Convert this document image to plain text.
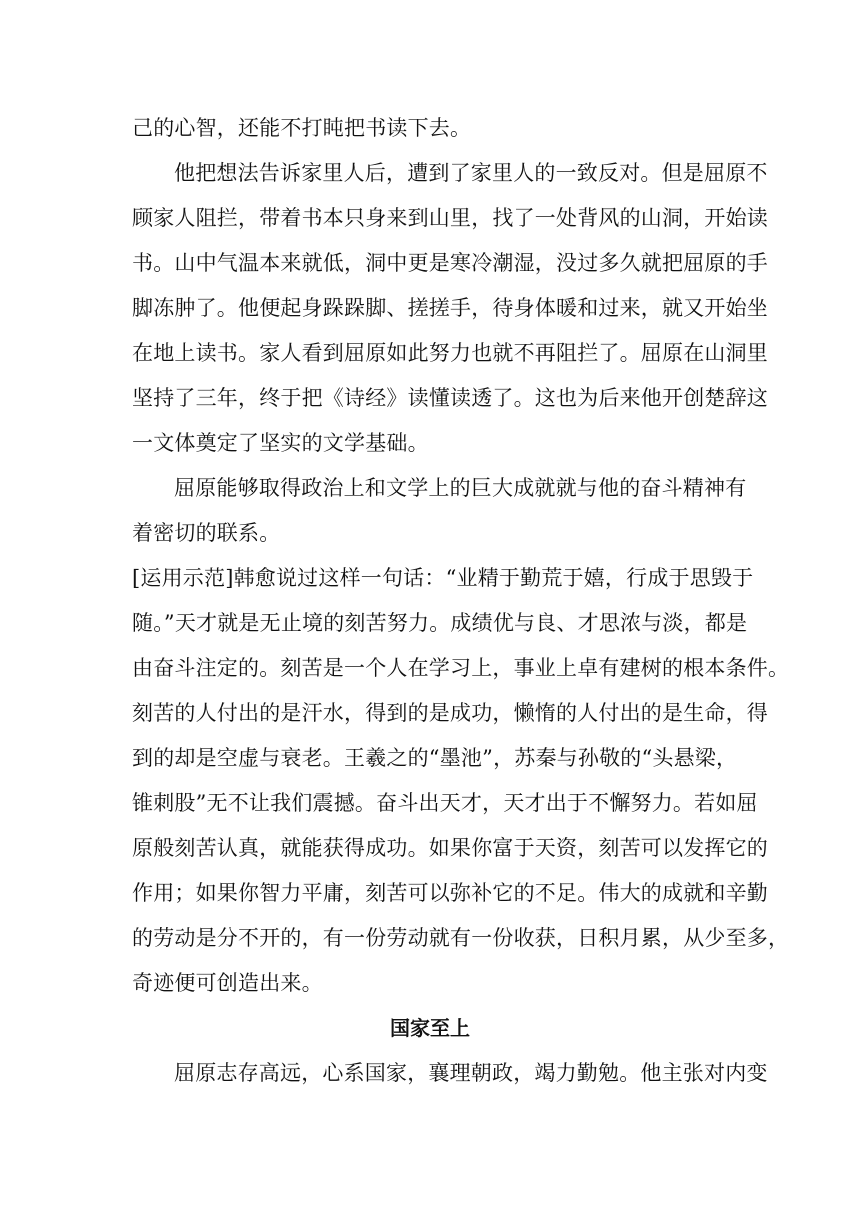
己的心智，还能不打盹把书读下去。
他把想法告诉家里人后，遭到了家里人的一致反对。但是屈原不
顾家人阻拦，带着书本只身来到山里，找了一处背风的山洞，开始读
书。山中气温本来就低，洞中更是寒冷潮湿，没过多久就把屈原的手
脚冻肿了。他便起身跺跺脚、搓搓手，待身体暖和过来，就又开始坐
在地上读书。家人看到屈原如此努力也就不再阻拦了。屈原在山洞里
坚持了三年，终于把《诗经》读懂读透了。这也为后来他开创楚辞这
一文体奠定了坚实的文学基础。
屈原能够取得政治上和文学上的巨大成就就与他的奋斗精神有
着密切的联系。
[运用示范]韩愈说过这样一句话：“业精于勤荒于嬉，行成于思毁于
随。”天才就是无止境的刻苦努力。成绩优与良、才思浓与淡，都是
由奋斗注定的。刻苦是一个人在学习上，事业上卓有建树的根本条件。
刻苦的人付出的是汗水，得到的是成功，懒惰的人付出的是生命，得
到的却是空虚与衰老。王羲之的“墨池”，苏秦与孙敬的“头悬梁，
锥刺股”无不让我们震撼。奋斗出天才，天才出于不懈努力。若如屈
原般刻苦认真，就能获得成功。如果你富于天资，刻苦可以发挥它的
作用；如果你智力平庸，刻苦可以弥补它的不足。伟大的成就和辛勤
的劳动是分不开的，有一份劳动就有一份收获，日积月累，从少至多，
奇迹便可创造出来。
国家至上
屈原志存高远，心系国家，襄理朝政，竭力勤勉。他主张对内变
